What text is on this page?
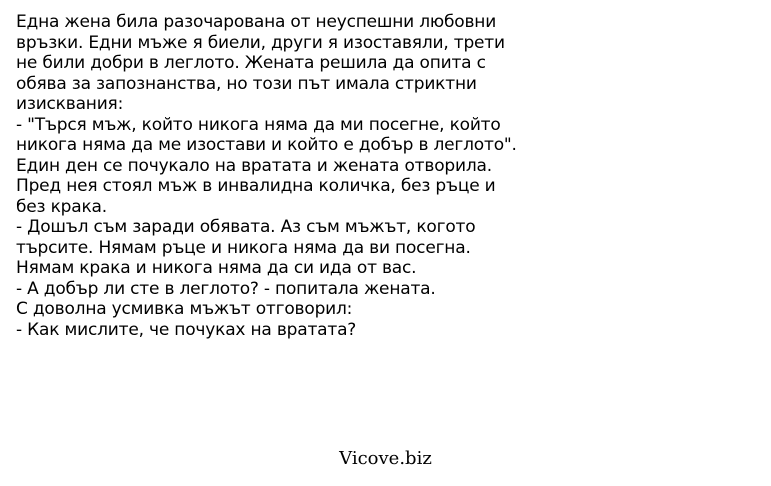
Една жена била разочарована от неуспешни любовни
връзки. Едни мъже я биели, други я изоставяли, трети
не били добри в леглото. Жената решила да опита с
обява за запознанства, но този път имала стриктни
изисквания:
- "Търся мъж, който никога няма да ми посегне, който
никога няма да ме изостави и който е добър в леглото".
Един ден се почукало на вратата и жената отворила.
Пред нея стоял мъж в инвалидна количка, без ръце и
без крака.
- Дошъл съм заради обявата. Аз съм мъжът, когото
търсите. Нямам ръце и никога няма да ви посегна.
Нямам крака и никога няма да си ида от вас.
- А добър ли сте в леглото? - попитала жената.
С доволна усмивка мъжът отговорил:
- Как мислите, че почуках на вратата?
Vicove.biz
